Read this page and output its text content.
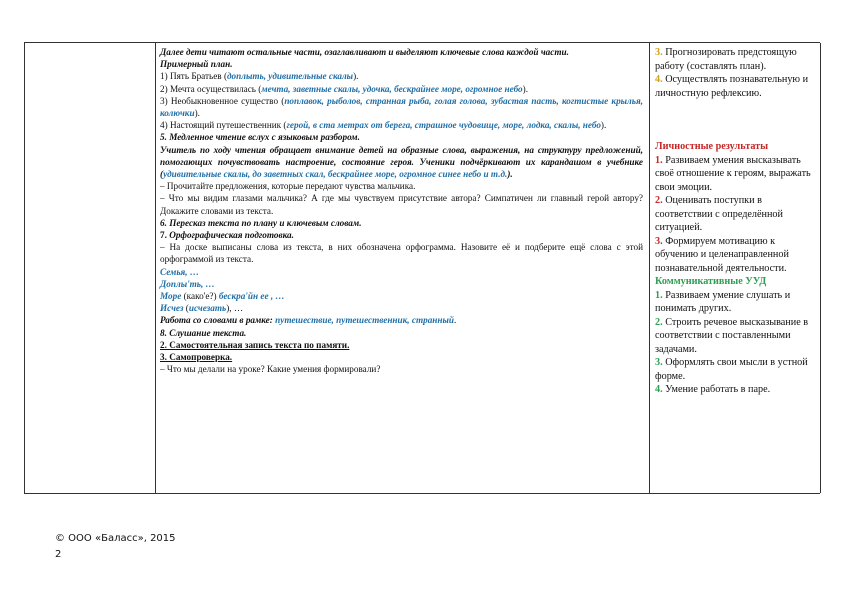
Далее дети читают остальные части, озаглавливают и выделяют ключевые слова каждой части.

Примерный план.

1) Пять Братьев (доплыть, удивительные скалы).

2) Мечта осуществилась (мечта, заветные скалы, удочка, бескрайнее море, огромное небо).

3) Необыкновенное существо (поплавок, рыболов, странная рыба, голая голова, зубастая пасть, когтистые крылья, колючки).

4) Настоящий путешественник (герой, в ста метрах от берега, страшное чудовище, море, лодка, скалы, небо).

5. Медленное чтение вслух с языковым разбором.

Учитель по ходу чтения обращает внимание детей на образные слова, выражения, на структуру предложений, помогающих почувствовать настроение, состояние героя. Ученики подчёркивают их карандашом в учебнике (удивительные скалы, до заветных скал, бескрайнее море, огромное синее небо и т.д.).

– Прочитайте предложения, которые передают чувства мальчика.

– Что мы видим глазами мальчика? А где мы чувствуем присутствие автора? Симпатичен ли главный герой автору? Докажите словами из текста.

6. Пересказ текста по плану и ключевым словам.

7. Орфографическая подготовка.

– На доске выписаны слова из текста, в них обозначена орфограмма. Назовите её и подберите ещё слова с этой орфограммой из текста.

Семья, …

Доплы'ть, …

Море (како'е?) бескра'йн ее , …

Исчез (исчезать), …

Работа со словами в рамке: путешествие, путешественник, странный.

8. Слушание текста.

2. Самостоятельная запись текста по памяти.

3. Самопроверка.

– Что мы делали на уроке? Какие умения формировали?

3. Прогнозировать предстоящую работу (составлять план).

4. Осуществлять познавательную и личностную рефлексию.

Личностные результаты

1. Развиваем умения высказывать своё отношение к героям, выражать свои эмоции.

2. Оценивать поступки в соответствии с определённой ситуацией.

3. Формируем мотивацию к обучению и целенаправленной познавательной деятельности.

Коммуникативные УУД

1. Развиваем умение слушать и понимать других.

2. Строить речевое высказывание в соответствии с поставленными задачами.

3. Оформлять свои мысли в устной форме.

4. Умение работать в паре.

© ООО «Баласс», 2015
2
